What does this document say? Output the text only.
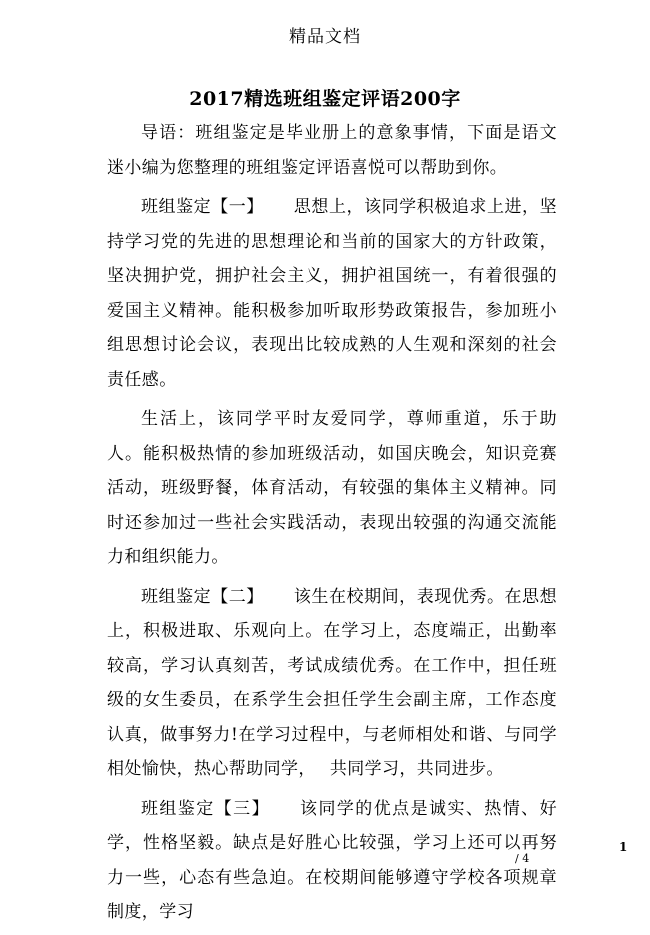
精品文档
2017精选班组鉴定评语200字

导语：班组鉴定是毕业册上的意象事情，下面是语文迷小编为您整理的班组鉴定评语喜悦可以帮助到你。

班组鉴定【一】 思想上，该同学积极追求上进，坚持学习党的先进的思想理论和当前的国家大的方针政策，坚决拥护党，拥护社会主义，拥护祖国统一，有着很强的爱国主义精神。能积极参加听取形势政策报告，参加班小组思想讨论会议，表现出比较成熟的人生观和深刻的社会责任感。

生活上，该同学平时友爱同学，尊师重道，乐于助人。能积极热情的参加班级活动，如国庆晚会，知识竞赛活动，班级野餐，体育活动，有较强的集体主义精神。同时还参加过一些社会实践活动，表现出较强的沟通交流能力和组织能力。

班组鉴定【二】 该生在校期间，表现优秀。在思想上，积极进取、乐观向上。在学习上，态度端正，出勤率较高，学习认真刻苦，考试成绩优秀。在工作中，担任班级的女生委员，在系学生会担任学生会副主席，工作态度认真，做事努力!在学习过程中，与老师相处和谐、与同学相处愉快，热心帮助同学， 共同学习，共同进步。

班组鉴定【三】 该同学的优点是诚实、热情、好学，性格坚毅。缺点是好胜心比较强，学习上还可以再努力一些，心态有些急迫。在校期间能够遵守学校各项规章制度，学习

1
/ 4
